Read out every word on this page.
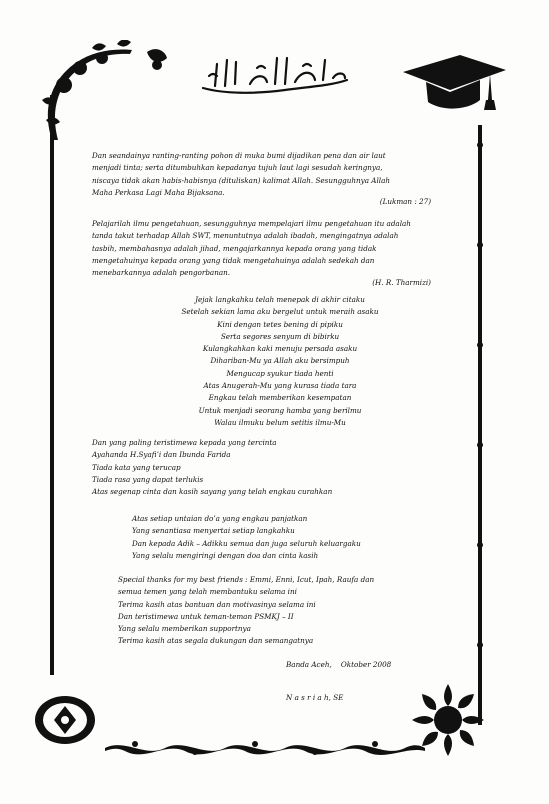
بسم الله الرحمن الرحيم
Dan seandainya ranting-ranting pohon di muka bumi dijadikan pena dan air laut
menjadi tinta; serta ditumbuhkan kepadanya tujuh laut lagi sesudah keringnya,
niscaya tidak akan habis-habisnya (dituliskan) kalimat Allah. Sesungguhnya Allah
Maha Perkasa Lagi Maha Bijaksana.
(Lukman : 27)
Pelajarilah ilmu pengetahuan, sesungguhnya mempelajari ilmu pengetahuan itu adalah
tanda takut terhadap Allah SWT, menuntutnya adalah ibadah, mengingatnya adalah
tasbih, membahasnya adalah jihad, mengajarkannya kepada orang yang tidak
mengetahuinya kepada orang yang tidak mengetahuinya adalah sedekah dan
menebarkannya adalah pengorbanan.
(H. R. Tharmizi)
Jejak langkahku telah menepak di akhir citaku
Setelah sekian lama aku bergelut untuk meraih asaku
Kini dengan tetes bening di pipiku
Serta segores senyum di bibirku
Kulangkahkan kaki menuju persada asaku
Dihariban-Mu ya Allah aku bersimpuh
Mengucap syukur tiada henti
Atas Anugerah-Mu yang kurasa tiada tara
Engkau telah memberikan kesempatan
Untuk menjadi seorang hamba yang berilmu
Walau ilmuku belum setitis ilmu-Mu
Dan yang paling teristimewa kepada yang tercinta
Ayahanda H.Syafi’i dan Ibunda Farida
Tiada kata yang terucap
Tiada rasa yang dapat terlukis
Atas segenap cinta dan kasih sayang yang telah engkau curahkan
Atas setiap untaian do’a yang engkau panjatkan
Yang senantiasa menyertai setiap langkahku
Dan kepada Adik – Adikku semua dan juga seluruh keluargaku
Yang selalu mengiringi dengan doa dan cinta kasih
Special thanks for my best friends : Emmi, Enni, Icut, Ipah, Raufa dan
semua temen yang telah membantuku selama ini
Terima kasih atas bantuan dan motivasinya selama ini
Dan teristimewa untuk teman-teman PSMKJ – II
Yang selalu memberikan supportnya
Terima kasih atas segala dukungan dan semangatnya
Banda Aceh,    Oktober 2008
N a s r i a h, SE
